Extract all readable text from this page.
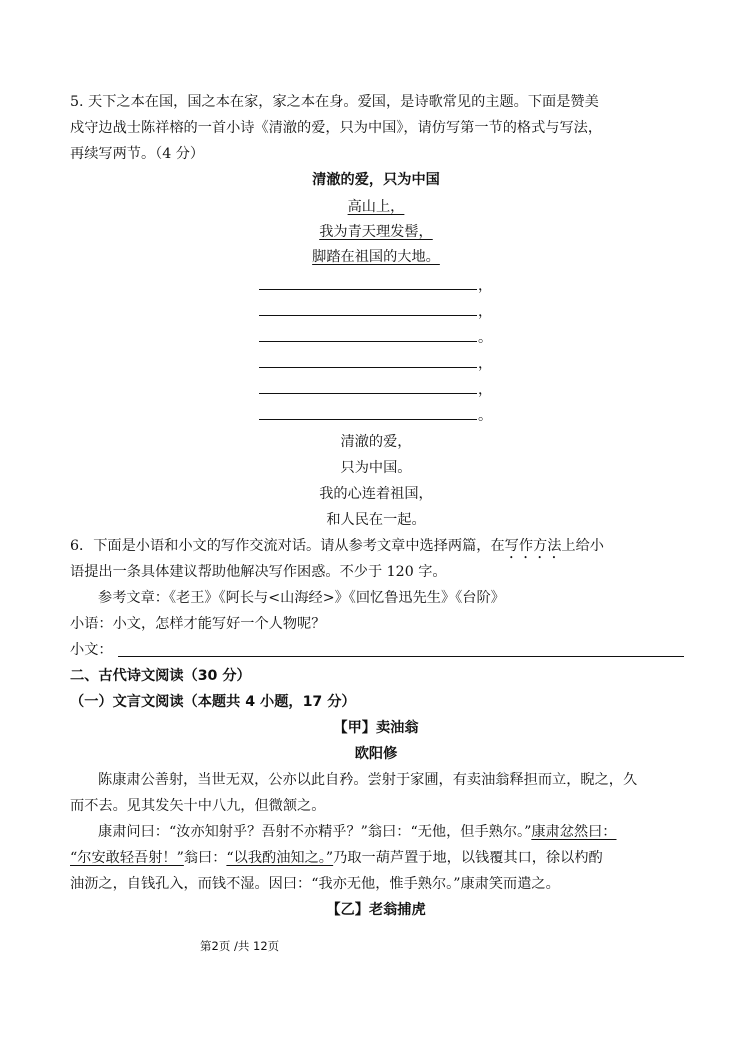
5. 天下之本在国，国之本在家，家之本在身。爱国，是诗歌常见的主题。下面是赞美
戍守边战士陈祥榕的一首小诗《清澈的爱，只为中国》，请仿写第一节的格式与写法，
再续写两节。（4 分）
清澈的爱，只为中国
高山上，
我为青天理发髻，
脚踏在祖国的大地。
，
，
。
，
，
。
清澈的爱，
只为中国。
我的心连着祖国，
和人民在一起。
6．下面是小语和小文的写作交流对话。请从参考文章中选择两篇，在写作方法上给小
语提出一条具体建议帮助他解决写作困惑。不少于 120 字。
参考文章：《老王》《阿长与<山海经>》《回忆鲁迅先生》《台阶》
小语：小文，怎样才能写好一个人物呢？
小文：
二、古代诗文阅读（30 分）
（一）文言文阅读（本题共 4 小题，17 分）
【甲】卖油翁
欧阳修
陈康肃公善射，当世无双，公亦以此自矜。尝射于家圃，有卖油翁释担而立，睨之，久
而不去。见其发矢十中八九，但微颔之。
康肃问曰：“汝亦知射乎？吾射不亦精乎？”翁曰：“无他，但手熟尔。”康肃忿然曰：
“尔安敢轻吾射！”翁曰：“以我酌油知之。”乃取一葫芦置于地，以钱覆其口，徐以杓酌
油沥之，自钱孔入，而钱不湿。因曰：“我亦无他，惟手熟尔。”康肃笑而遣之。
【乙】老翁捕虎
第2页 /共 12页
